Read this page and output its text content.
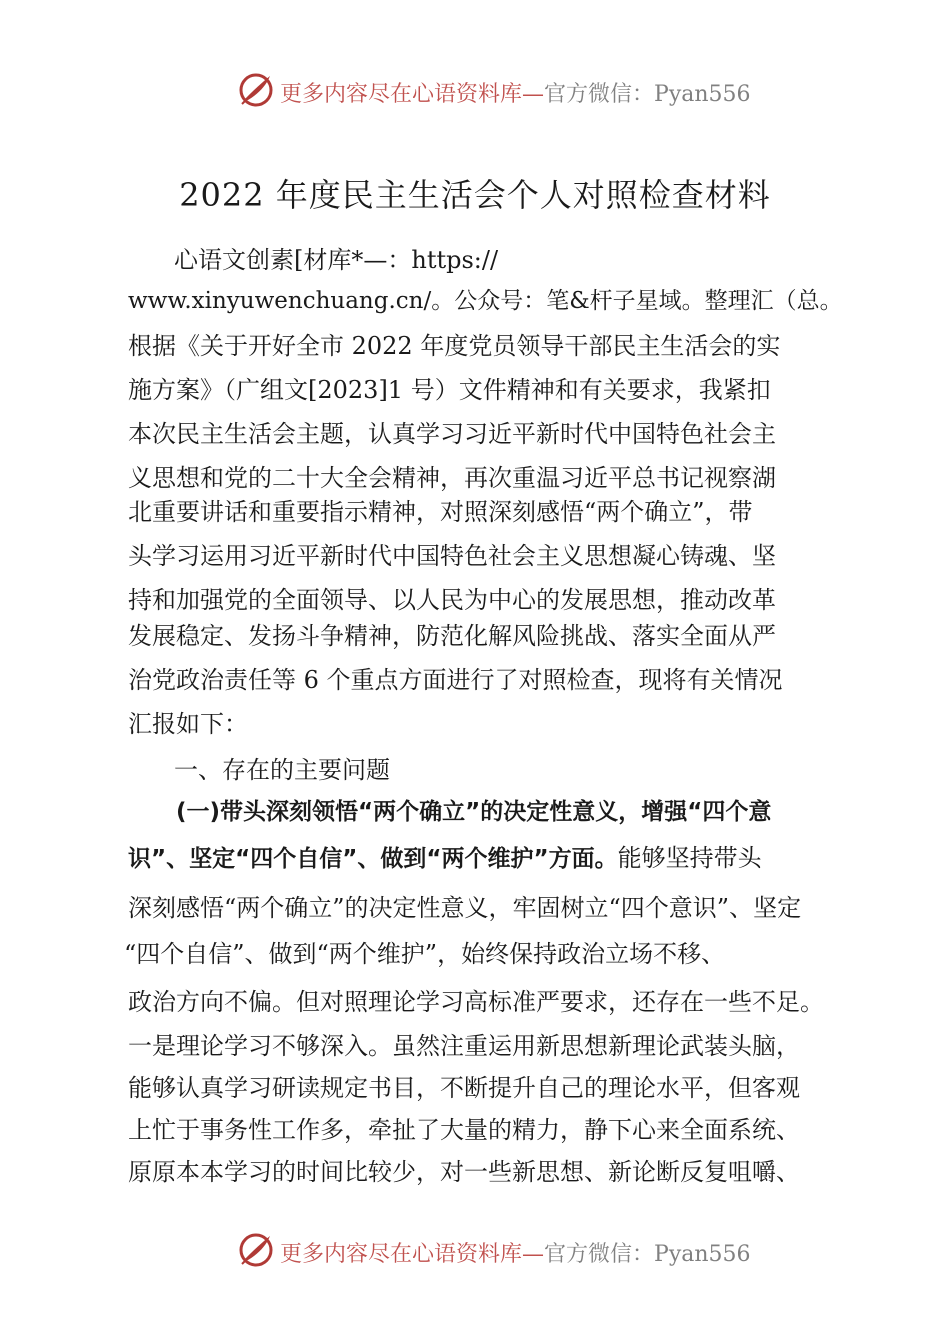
更多内容尽在心语资料库—官方微信：Pyan556
2022 年度民主生活会个人对照检查材料
心语文创素[材库*—：https://
www.xinyuwenchuang.cn/。公众号：笔&杆子星域。整理汇（总。
根据《关于开好全市 2022 年度党员领导干部民主生活会的实
施方案》（广组文[2023]1 号）文件精神和有关要求，我紧扣
本次民主生活会主题，认真学习习近平新时代中国特色社会主
义思想和党的二十大全会精神，再次重温习近平总书记视察湖
北重要讲话和重要指示精神，对照深刻感悟“两个确立”，带
头学习运用习近平新时代中国特色社会主义思想凝心铸魂、坚
持和加强党的全面领导、以人民为中心的发展思想，推动改革
发展稳定、发扬斗争精神，防范化解风险挑战、落实全面从严
治党政治责任等 6 个重点方面进行了对照检查，现将有关情况
汇报如下：
一、存在的主要问题
(一)带头深刻领悟“两个确立”的决定性意义，增强“四个意
识”、坚定“四个自信”、做到“两个维护”方面。能够坚持带头
深刻感悟“两个确立”的决定性意义，牢固树立“四个意识”、坚定
“四个自信”、做到“两个维护”，始终保持政治立场不移、
政治方向不偏。但对照理论学习高标准严要求，还存在一些不足。
一是理论学习不够深入。虽然注重运用新思想新理论武装头脑，
能够认真学习研读规定书目，不断提升自己的理论水平，但客观
上忙于事务性工作多，牵扯了大量的精力，静下心来全面系统、
原原本本学习的时间比较少，对一些新思想、新论断反复咀嚼、
更多内容尽在心语资料库—官方微信：Pyan556
